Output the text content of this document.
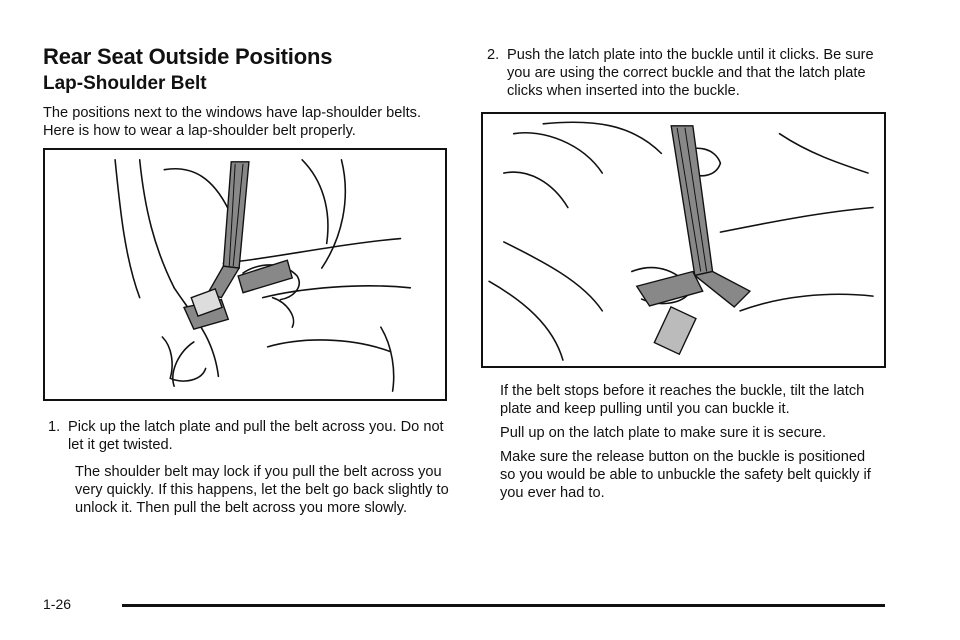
Rear Seat Outside Positions
Lap-Shoulder Belt

The positions next to the windows have lap-shoulder belts. Here is how to wear a lap-shoulder belt properly.

1. Pick up the latch plate and pull the belt across you. Do not let it get twisted.

The shoulder belt may lock if you pull the belt across you very quickly. If this happens, let the belt go back slightly to unlock it. Then pull the belt across you more slowly.

2. Push the latch plate into the buckle until it clicks. Be sure you are using the correct buckle and that the latch plate clicks when inserted into the buckle.

If the belt stops before it reaches the buckle, tilt the latch plate and keep pulling until you can buckle it.

Pull up on the latch plate to make sure it is secure.

Make sure the release button on the buckle is positioned so you would be able to unbuckle the safety belt quickly if you ever had to.

1-26
